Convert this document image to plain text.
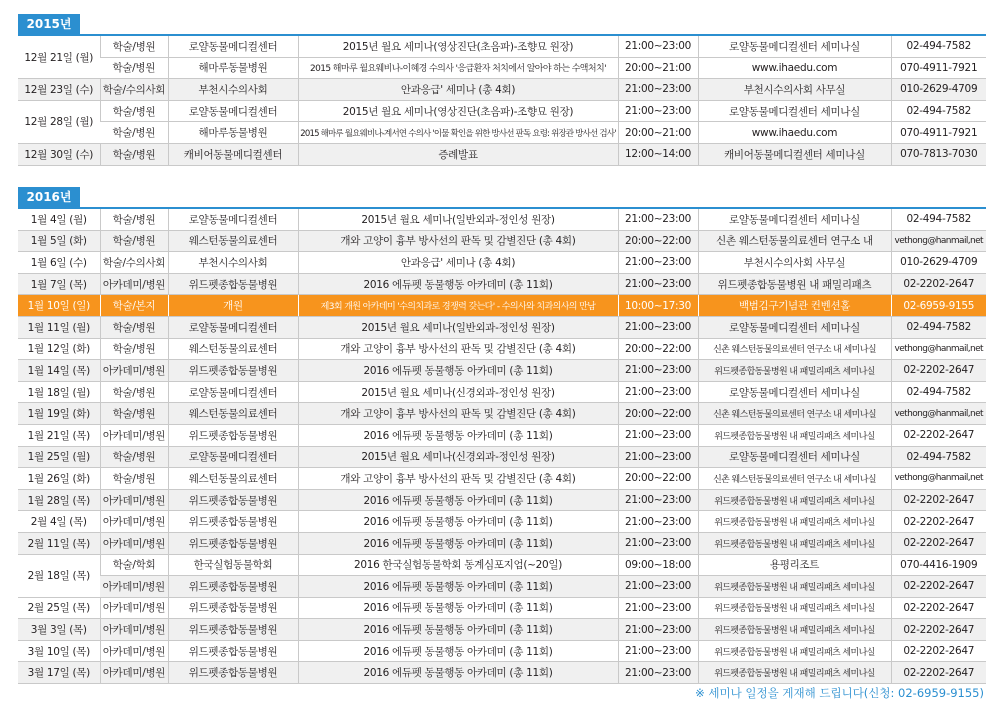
2015년
12월 21일 (월)	학술/병원	로얄동물메디컬센터	2015년 월요 세미나(영상진단(초음파)-조향묘 원장)	21:00~23:00	로얄동물메디컬센터 세미나실	02-494-7582
	학술/병원	해마루동물병원	2015 해마루 월요웨비나-이혜경 수의사 '응급환자 처치에서 알아야 하는 수액처치'	20:00~21:00	www.ihaedu.com	070-4911-7921
12월 23일 (수)	학술/수의사회	부천시수의사회	안과응급' 세미나 (총 4회)	21:00~23:00	부천시수의사회 사무실	010-2629-4709
12월 28일 (월)	학술/병원	로얄동물메디컬센터	2015년 월요 세미나(영상진단(초음파)-조향묘 원장)	21:00~23:00	로얄동물메디컬센터 세미나실	02-494-7582
	학술/병원	해마루동물병원	2015 해마루 월요웨비나-계서연 수의사 '이물 확인을 위한 방사선 판독 요령: 위장관 방사선 검사'	20:00~21:00	www.ihaedu.com	070-4911-7921
12월 30일 (수)	학술/병원	캐비어동물메디컬센터	증례발표	12:00~14:00	캐비어동물메디컬센터 세미나실	070-7813-7030
2016년
1월 4일 (월)	학술/병원	로얄동물메디컬센터	2015년 월요 세미나(일반외과-정인성 원장)	21:00~23:00	로얄동물메디컬센터 세미나실	02-494-7582
1월 5일 (화)	학술/병원	웨스턴동물의료센터	개와 고양이 흉부 방사선의 판독 및 감별진단 (총 4회)	20:00~22:00	신촌 웨스턴동물의료센터 연구소 내	vethong@hanmail,net
1월 6일 (수)	학술/수의사회	부천시수의사회	안과응급' 세미나 (총 4회)	21:00~23:00	부천시수의사회 사무실	010-2629-4709
1월 7일 (목)	아카데미/병원	위드펫종합동물병원	2016 에듀펫 동물행동 아카데미 (총 11회)	21:00~23:00	위드펫종합동물병원 내 패밀리패츠	02-2202-2647
1월 10일 (일)	학술/본지	개원	제3회 개원 아카데미 '수의치과로 경쟁력 갖는다' - 수의사와 치과의사의 만남	10:00~17:30	백범김구기념관 컨벤션홀	02-6959-9155
1월 11일 (월)	학술/병원	로얄동물메디컬센터	2015년 월요 세미나(일반외과-정인성 원장)	21:00~23:00	로얄동물메디컬센터 세미나실	02-494-7582
1월 12일 (화)	학술/병원	웨스턴동물의료센터	개와 고양이 흉부 방사선의 판독 및 감별진단 (총 4회)	20:00~22:00	신촌 웨스턴동물의료센터 연구소 내 세미나실	vethong@hanmail,net
1월 14일 (목)	아카데미/병원	위드펫종합동물병원	2016 에듀펫 동물행동 아카데미 (총 11회)	21:00~23:00	위드펫종합동물병원 내 패밀리패츠 세미나실	02-2202-2647
1월 18일 (월)	학술/병원	로얄동물메디컬센터	2015년 월요 세미나(신경외과-정인성 원장)	21:00~23:00	로얄동물메디컬센터 세미나실	02-494-7582
1월 19일 (화)	학술/병원	웨스턴동물의료센터	개와 고양이 흉부 방사선의 판독 및 감별진단 (총 4회)	20:00~22:00	신촌 웨스턴동물의료센터 연구소 내 세미나실	vethong@hanmail,net
1월 21일 (목)	아카데미/병원	위드펫종합동물병원	2016 에듀펫 동물행동 아카데미 (총 11회)	21:00~23:00	위드펫종합동물병원 내 패밀리패츠 세미나실	02-2202-2647
1월 25일 (월)	학술/병원	로얄동물메디컬센터	2015년 월요 세미나(신경외과-정인성 원장)	21:00~23:00	로얄동물메디컬센터 세미나실	02-494-7582
1월 26일 (화)	학술/병원	웨스턴동물의료센터	개와 고양이 흉부 방사선의 판독 및 감별진단 (총 4회)	20:00~22:00	신촌 웨스턴동물의료센터 연구소 내 세미나실	vethong@hanmail,net
1월 28일 (목)	아카데미/병원	위드펫종합동물병원	2016 에듀펫 동물행동 아카데미 (총 11회)	21:00~23:00	위드펫종합동물병원 내 패밀리패츠 세미나실	02-2202-2647
2월 4일 (목)	아카데미/병원	위드펫종합동물병원	2016 에듀펫 동물행동 아카데미 (총 11회)	21:00~23:00	위드펫종합동물병원 내 패밀리패츠 세미나실	02-2202-2647
2월 11일 (목)	아카데미/병원	위드펫종합동물병원	2016 에듀펫 동물행동 아카데미 (총 11회)	21:00~23:00	위드펫종합동물병원 내 패밀리패츠 세미나실	02-2202-2647
2월 18일 (목)	학술/학회	한국실험동물학회	2016 한국실험동물학회 동계심포지엄(~20일)	09:00~18:00	용평리조트	070-4416-1909
	아카데미/병원	위드펫종합동물병원	2016 에듀펫 동물행동 아카데미 (총 11회)	21:00~23:00	위드펫종합동물병원 내 패밀리패츠 세미나실	02-2202-2647
2월 25일 (목)	아카데미/병원	위드펫종합동물병원	2016 에듀펫 동물행동 아카데미 (총 11회)	21:00~23:00	위드펫종합동물병원 내 패밀리패츠 세미나실	02-2202-2647
3월 3일 (목)	아카데미/병원	위드펫종합동물병원	2016 에듀펫 동물행동 아카데미 (총 11회)	21:00~23:00	위드펫종합동물병원 내 패밀리패츠 세미나실	02-2202-2647
3월 10일 (목)	아카데미/병원	위드펫종합동물병원	2016 에듀펫 동물행동 아카데미 (총 11회)	21:00~23:00	위드펫종합동물병원 내 패밀리패츠 세미나실	02-2202-2647
3월 17일 (목)	아카데미/병원	위드펫종합동물병원	2016 에듀펫 동물행동 아카데미 (총 11회)	21:00~23:00	위드펫종합동물병원 내 패밀리패츠 세미나실	02-2202-2647
※ 세미나 일정을 게재해 드립니다(신청: 02-6959-9155)
